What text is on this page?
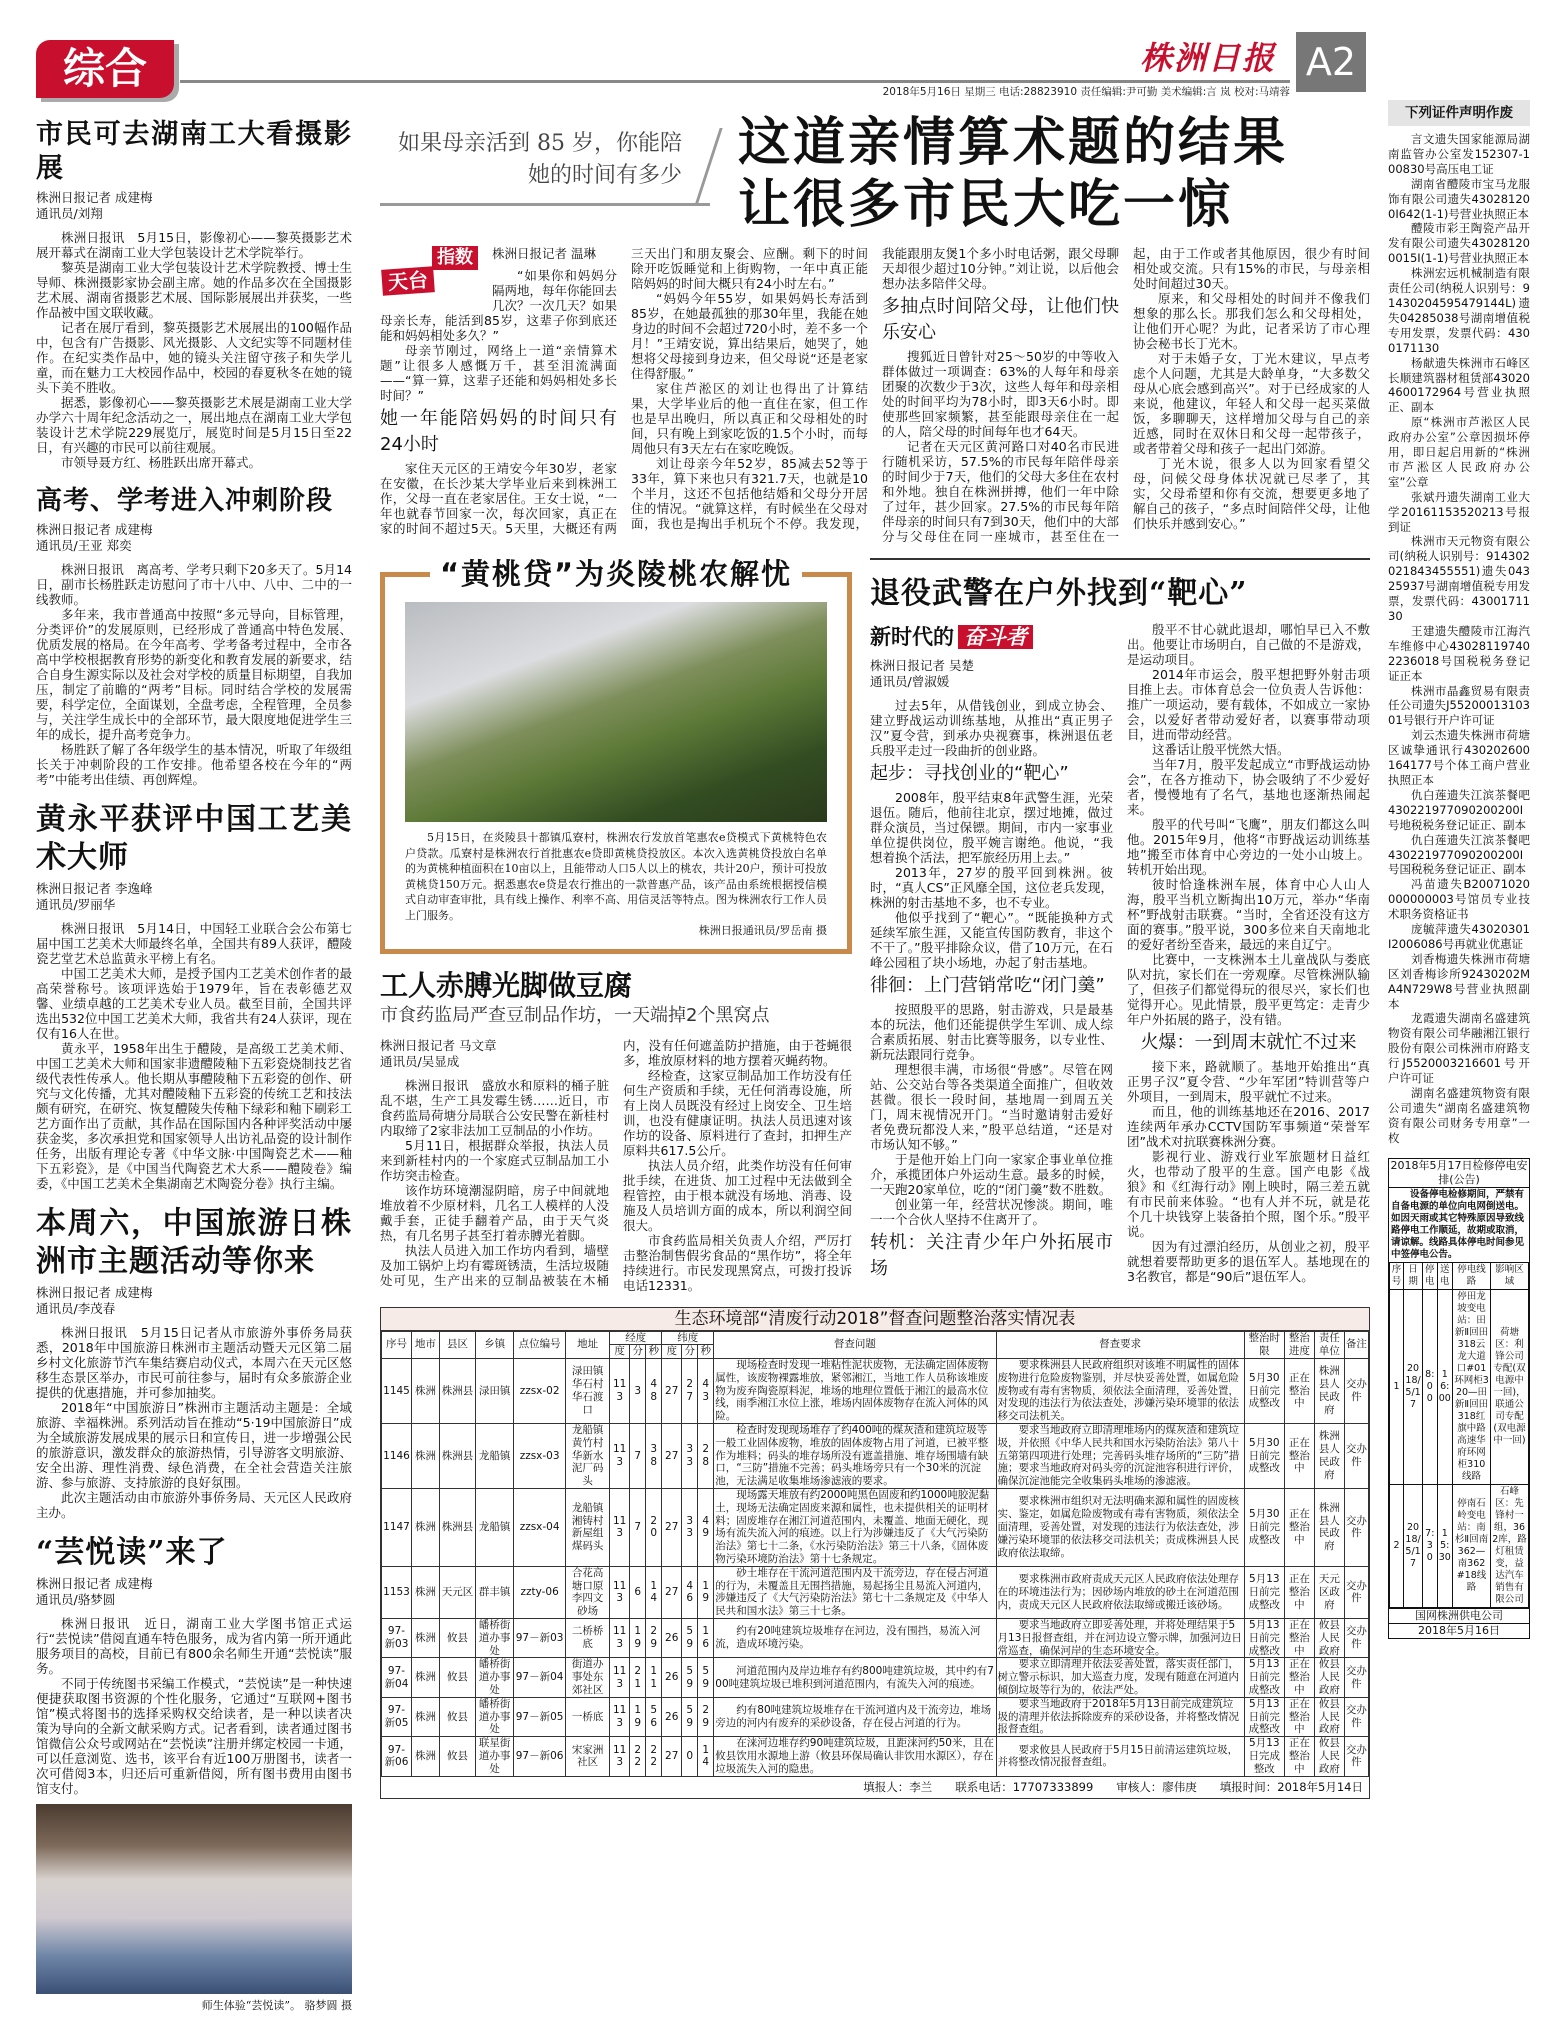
综合	株洲日报 A2
2018年5月16日 星期三 电话:28823910 责任编辑:尹可勤 美术编辑:言 岚 校对:马靖蓉
市民可去湖南工大看摄影展
株洲日报记者 成建梅
通讯员/刘翔

株洲日报讯　5月15日，影像初心——黎英摄影艺术展开幕式在湖南工业大学包装设计艺术学院举行。

黎英是湖南工业大学包装设计艺术学院教授、博士生导师、株洲摄影家协会副主席。她的作品多次在全国摄影艺术展、湖南省摄影艺术展、国际影展展出并获奖，一些作品被中国文联收藏。

记者在展厅看到，黎英摄影艺术展展出的100幅作品中，包含有广告摄影、风光摄影、人文纪实等不同题材佳作。在纪实类作品中，她的镜头关注留守孩子和失学儿童，而在魅力工大校园作品中，校园的春夏秋冬在她的镜头下美不胜收。

据悉，影像初心——黎英摄影艺术展是湖南工业大学办学六十周年纪念活动之一，展出地点在湖南工业大学包装设计艺术学院229展览厅，展览时间是5月15日至22日，有兴趣的市民可以前往观展。

市领导聂方红、杨胜跃出席开幕式。

高考、学考进入冲刺阶段
株洲日报记者 成建梅
通讯员/王亚 郑奕

株洲日报讯　离高考、学考只剩下20多天了。5月14日，副市长杨胜跃走访慰问了市十八中、八中、二中的一线教师。

多年来，我市普通高中按照“多元导向，目标管理，分类评价”的发展原则，已经形成了普通高中特色发展、优质发展的格局。在今年高考、学考备考过程中，全市各高中学校根据教育形势的新变化和教育发展的新要求，结合自身生源实际以及社会对学校的质量目标期望，自我加压，制定了前瞻的“两考”目标。同时结合学校的发展需要，科学定位，全面谋划，全盘考虑，全程管理，全员参与，关注学生成长中的全部环节，最大限度地促进学生三年的成长，提升高考竞争力。

杨胜跃了解了各年级学生的基本情况，听取了年级组长关于冲刺阶段的工作安排。他希望各校在今年的“两考”中能考出佳绩、再创辉煌。

黄永平获评中国工艺美术大师
株洲日报记者 李逸峰
通讯员/罗丽华

株洲日报讯　5月14日，中国轻工业联合会公布第七届中国工艺美术大师最终名单，全国共有89人获评，醴陵瓷艺堂艺术总监黄永平榜上有名。

中国工艺美术大师，是授予国内工艺美术创作者的最高荣誉称号。该项评选始于1979年，旨在表彰德艺双馨、业绩卓越的工艺美术专业人员。截至目前，全国共评选出532位中国工艺美术大师，我省共有24人获评，现在仅有16人在世。

黄永平，1958年出生于醴陵，是高级工艺美术师、中国工艺美术大师和国家非遗醴陵釉下五彩瓷烧制技艺省级代表性传承人。他长期从事醴陵釉下五彩瓷的创作、研究与文化传播，尤其对醴陵釉下五彩瓷的传统工艺和技法颇有研究，在研究、恢复醴陵失传釉下绿彩和釉下刷彩工艺方面作出了贡献，其作品在国际国内各种评奖活动中屡获金奖，多次承担党和国家领导人出访礼品瓷的设计制作任务，出版有理论专著《中华文脉·中国陶瓷艺术——釉下五彩瓷》，是《中国当代陶瓷艺术大系——醴陵卷》编委，《中国工艺美术全集湖南艺术陶瓷分卷》执行主编。

本周六，中国旅游日株洲市主题活动等你来
株洲日报记者 成建梅
通讯员/李茂春

株洲日报讯　5月15日记者从市旅游外事侨务局获悉，2018年中国旅游日株洲市主题活动暨天元区第二届乡村文化旅游节汽车集结赛启动仪式，本周六在天元区悠移生态景区举办，市民可前往参与，届时有众多旅游企业提供的优惠措施，并可参加抽奖。

2018年“中国旅游日”株洲市主题活动主题是：全域旅游、幸福株洲。系列活动旨在推动“5·19中国旅游日”成为全域旅游发展成果的展示日和宣传日，进一步增强公民的旅游意识，激发群众的旅游热情，引导游客文明旅游、安全出游、理性消费、绿色消费，在全社会营造关注旅游、参与旅游、支持旅游的良好氛围。

此次主题活动由市旅游外事侨务局、天元区人民政府主办。

“芸悦读”来了
株洲日报记者 成建梅
通讯员/骆梦圆

株洲日报讯　近日，湖南工业大学图书馆正式运行“芸悦读”借阅直通车特色服务，成为省内第一所开通此服务项目的高校，目前已有800余名师生开通“芸悦读”服务。

不同于传统图书采编工作模式，“芸悦读”是一种快速便捷获取图书资源的个性化服务，它通过“互联网+图书馆”模式将图书的选择采购权交给读者，是一种以读者决策为导向的全新文献采购方式。记者看到，读者通过图书馆微信公众号或网站在“芸悦读”注册并绑定校园一卡通，可以任意浏览、选书，该平台有近100万册图书，读者一次可借阅3本，归还后可重新借阅，所有图书费用由图书馆支付。

师生体验“芸悦读”。 骆梦圆 摄
如果母亲活到 85 岁，你能陪她的时间有多少
这道亲情算术题的结果让很多市民大吃一惊
天台
指数	株洲日报记者 温琳

“如果你和妈妈分隔两地，每年你能回去几次？一次几天？如果母亲长寿，能活到85岁，这辈子你到底还能和妈妈相处多久？”

母亲节刚过，网络上一道“亲情算术题”让很多人感慨万千，甚至泪流满面——“算一算，这辈子还能和妈妈相处多长时间？”

她一年能陪妈妈的时间只有24小时

家住天元区的王靖安今年30岁，老家在安徽，在长沙某大学毕业后来到株洲工作，父母一直在老家居住。王女士说，“一年也就春节回家一次，每次回家，真正在家的时间不超过5天。5天里，大概还有两三天出门和朋友聚会、应酬。剩下的时间除开吃饭睡觉和上街购物，一年中真正能陪妈妈的时间大概只有24小时左右。”

“妈妈今年55岁，如果妈妈长寿活到85岁，在她最孤独的那30年里，我能在她身边的时间不会超过720小时，差不多一个月！”王靖安说，算出结果后，她哭了，她想将父母接到身边来，但父母说“还是老家住得舒服。”

家住芦淞区的刘让也得出了计算结果，大学毕业后的他一直住在家，但工作也是早出晚归，所以真正和父母相处的时间，只有晚上到家吃饭的1.5个小时，而每周他只有3天左右在家吃晚饭。

刘让母亲今年52岁，85减去52等于33年，算下来也只有321.7天，也就是10个半月，这还不包括他结婚和父母分开居住的情况。“就算这样，有时候坐在父母对面，我也是掏出手机玩个不停。我发现，我能跟朋友煲1个多小时电话粥，跟父母聊天却很少超过10分钟。”刘让说，以后他会想办法多陪伴父母。

多抽点时间陪父母，让他们快乐安心

搜狐近日曾针对25～50岁的中等收入群体做过一项调查：63%的人每年和母亲团聚的次数少于3次，这些人每年和母亲相处的时间平均为78小时，即3天6小时。即使那些回家频繁，甚至能跟母亲住在一起的人，陪父母的时间每年也才64天。

记者在天元区黄河路口对40名市民进行随机采访，57.5%的市民每年陪伴母亲的时间少于7天，他们的父母大多住在农村和外地。独自在株洲拼搏，他们一年中除了过年，甚少回家。27.5%的市民每年陪伴母亲的时间只有7到30天，他们中的大部分与父母住在同一座城市，甚至住在一起，由于工作或者其他原因，很少有时间相处或交流。只有15%的市民，与母亲相处时间超过30天。

原来，和父母相处的时间并不像我们想象的那么长。那我们怎么和父母相处，让他们开心呢？为此，记者采访了市心理协会秘书长丁光木。

对于未婚子女，丁光木建议，早点考虑个人问题，尤其是大龄单身，“大多数父母从心底会感到高兴”。对于已经成家的人来说，他建议，年轻人和父母一起买菜做饭，多聊聊天，这样增加父母与自己的亲近感，同时在双休日和父母一起带孩子，或者带着父母和孩子一起出门郊游。

丁光木说，很多人以为回家看望父母，问候父母身体状况就已尽孝了，其实，父母希望和你有交流，想要更多地了解自己的孩子，“多点时间陪伴父母，让他们快乐并感到安心。”

“黄桃贷”为炎陵桃农解忧

5月15日，在炎陵县十都镇瓜寮村，株洲农行发放首笔惠农e贷模式下黄桃特色农户贷款。瓜寮村是株洲农行首批惠农e贷即黄桃贷投放区。本次入选黄桃贷投放白名单的为黄桃种植面积在10亩以上，且能带动人口5人以上的桃农，共计20户，预计可投放黄桃贷150万元。据悉惠农e贷是农行推出的一款普惠产品，该产品由系统根据授信模式自动审查审批，具有线上操作、利率不高、用信灵活等特点。图为株洲农行工作人员上门服务。

株洲日报通讯员/罗岳南 摄

工人赤膊光脚做豆腐
市食药监局严查豆制品作坊，一天端掉2个黑窝点
株洲日报记者 马文章
通讯员/吴显成

株洲日报讯　盛放水和原料的桶子脏乱不堪，生产工具发霉生锈……近日，市食药监局荷塘分局联合公安民警在新桂村内取缔了2家非法加工豆制品的小作坊。

5月11日，根据群众举报，执法人员来到新桂村内的一个家庭式豆制品加工小作坊突击检查。

该作坊环境潮湿阴暗，房子中间就地堆放着不少原材料，几名工人模样的人没戴手套，正徒手翻着产品，由于天气炎热，有几名男子甚至打着赤膊光着脚。

执法人员进入加工作坊内看到，墙壁及加工锅炉上均有霉斑锈渍，生活垃圾随处可见，生产出来的豆制品被装在木桶内，没有任何遮盖防护措施，由于苍蝇很多，堆放原材料的地方摆着灭蝇药物。

经检查，这家豆制品加工作坊没有任何生产资质和手续，无任何消毒设施，所有上岗人员既没有经过上岗安全、卫生培训，也没有健康证明。执法人员迅速对该作坊的设备、原料进行了查封，扣押生产原料共617.5公斤。

执法人员介绍，此类作坊没有任何审批手续，在进货、加工过程中无法做到全程管控，由于根本就没有场地、消毒、设施及人员培训方面的成本，所以利润空间很大。

市食药监局相关负责人介绍，严厉打击整治制售假劣食品的“黑作坊”，将全年持续进行。市民发现黑窝点，可拨打投诉电话12331。

退役武警在户外找到“靶心”
新时代的 奋斗者
株洲日报记者 吴楚
通讯员/曾淑媛

过去5年，从借钱创业，到成立协会、建立野战运动训练基地，从推出“真正男子汉”夏令营，到承办央视赛事，株洲退伍老兵殷平走过一段曲折的创业路。

起步：寻找创业的“靶心”

2008年，殷平结束8年武警生涯，光荣退伍。随后，他前往北京，摆过地摊，做过群众演员，当过保镖。期间，市内一家事业单位提供岗位，殷平婉言谢绝。他说，“我想着换个活法，把军旅经历用上去。”

2013年，27岁的殷平回到株洲。彼时，“真人CS”正风靡全国，这位老兵发现，株洲的射击基地不多，也不专业。

他似乎找到了“靶心”。“既能换种方式延续军旅生涯，又能宣传国防教育，非这个不干了。”殷平排除众议，借了10万元，在石峰公园租了块小场地，办起了射击基地。

徘徊：上门营销常吃“闭门羹”

按照殷平的思路，射击游戏，只是最基本的玩法，他们还能提供学生军训、成人综合素质拓展、射击比赛等服务，以专业性、新玩法跟同行竞争。

理想很丰满，市场很“骨感”。尽管在网站、公交站台等各类渠道全面推广，但收效甚微。很长一段时间，基地周一到周五关门，周末视情况开门。“当时邀请射击爱好者免费玩都没人来，”殷平总结道，“还是对市场认知不够。”

于是他开始上门向一家家企事业单位推介，承揽团体户外运动生意。最多的时候，一天跑20家单位，吃的“闭门羹”数不胜数。

创业第一年，经营状况惨淡。期间，唯一一个合伙人坚持不住离开了。

转机：关注青少年户外拓展市场

殷平不甘心就此退却，哪怕早已入不敷出。他要让市场明白，自己做的不是游戏，是运动项目。

2014年市运会，殷平想把野外射击项目推上去。市体育总会一位负责人告诉他：推广一项运动，要有载体，不如成立一家协会，以爱好者带动爱好者，以赛事带动项目，进而带动经营。

这番话让殷平恍然大悟。

当年7月，殷平发起成立“市野战运动协会”，在各方推动下，协会吸纳了不少爱好者，慢慢地有了名气，基地也逐渐热闹起来。

殷平的代号叫“飞鹰”，朋友们都这么叫他。2015年9月，他将“市野战运动训练基地”搬至市体育中心旁边的一处小山坡上。转机开始出现。

彼时恰逢株洲车展，体育中心人山人海，殷平当机立断掏出10万元，举办“华南杯”野战射击联赛。“当时，全省还没有这方面的赛事。”殷平说，300多位来自天南地北的爱好者纷至沓来，最远的来自辽宁。

比赛中，一支株洲本土儿童战队与娄底队对抗，家长们在一旁观摩。尽管株洲队输了，但孩子们都觉得玩的很尽兴，家长们也觉得开心。见此情景，殷平更笃定：走青少年户外拓展的路子，没有错。

火爆：一到周末就忙不过来

接下来，路就顺了。基地开始推出“真正男子汉”夏令营、“少年军团”特训营等户外项目，一到周末，殷平就忙不过来。

而且，他的训练基地还在2016、2017连续两年承办CCTV国防军事频道“荣誉军团”战术对抗联赛株洲分赛。

影视行业、游戏行业军旅题材日益红火，也带动了殷平的生意。国产电影《战狼》和《红海行动》刚上映时，隔三差五就有市民前来体验。“也有人并不玩，就是花个几十块钱穿上装备拍个照，图个乐。”殷平说。

因为有过漂泊经历，从创业之初，殷平就想着要帮助更多的退伍军人。基地现在的3名教官，都是“90后”退伍军人。

生态环境部“清废行动2018”督查问题整治落实情况表
序号	地市	县区	乡镇	点位编号	地址	经度			纬度			督查问题	督查要求	整治时限	整治进度	责任单位	备注
						度	分	秒	度	分	秒						
1145	株洲	株洲县	渌田镇	zzsx-02	渌田镇华石村华石渡口	113	3	48	27	27	43	现场检查时发现一堆粘性泥状废物，无法确定固体废物属性，该废物裸露堆放，紧邻湘江，当地工作人员称该堆废物为废弃陶瓷原料泥，堆场的地理位置低于湘江的最高水位线，雨季湘江水位上涨，堆场内固体废物存在流入河体的风险。	要求株洲县人民政府组织对该堆不明属性的固体废物进行危险废物鉴别，并尽快妥善处置，如属危险废物或有毒有害物质，须依法全面清理，妥善处置，对发现的违法行为依法查处，涉嫌污染环境罪的依法移交司法机关。	5月30日前完成整改	正在整治中	株洲县人民政府	交办件
1146	株洲	株洲县	龙船镇	zzsx-03	龙船镇黄竹村华新水泥厂码头	113	7	38	27	33	28	检查时发现现场堆存了约400吨的煤灰渣和建筑垃圾等一般工业固体废物，堆放的固体废物占用了河道，已被平整作为堆料；码头的堆存场所没有遮盖措施、堆存场围墙有缺口，“三防”措施不完善；码头堆场旁只有一个30米的沉淀池，无法满足收集堆场渗滤液的要求。	要求当地政府立即清理堆场内的煤灰渣和建筑垃圾，并依照《中华人民共和国水污染防治法》第八十五第第四项进行处理；完善码头堆存场所的“三防”措施；要求当地政府对码头旁的沉淀池容积进行评价，确保沉淀池能完全收集码头堆场的渗滤液。	5月30日前完成整改	正在整治中	株洲县人民政府	交办件
1147	株洲	株洲县	龙船镇	zzsx-04	龙船镇湘铸村新屋组煤码头	113	7	20	27	33	49	现场露天堆放有约2000吨黑色固废和约1000吨胶泥黏土，现场无法确定固废来源和属性，也未提供相关的证明材料；固废堆存在湘江河道范围内，未覆盖、地面无硬化，现场有流失流入河的痕迹。以上行为涉嫌违反了《大气污染防治法》第七十二条，《水污染防治法》第三十八条，《固体废物污染环境防治法》第十七条规定。	要求株洲市组织对无法明确来源和属性的固废核实、鉴定，如属危险废物或有毒有害物质，须依法全面清理，妥善处置，对发现的违法行为依法查处，涉嫌污染环境罪的依法移交司法机关；责成株洲县人民政府依法取缔。	5月30日前完成整改	正在整治中	株洲县人民政府	交办件
1153	株洲	天元区	群丰镇	zzty-06	合花高塘口原李四文砂场	113	6	14	27	46	19	砂土堆存在干流河道范围内及干流旁边，存在侵占河道的行为，未覆盖且无围挡措施，易起扬尘且易流入河道内，涉嫌违反了《大气污染防治法》第七十二条规定及《中华人民共和国水法》第三十七条。	要求株洲市政府责成天元区人民政府依法处理存在的环境违法行为；因砂场内堆放的砂土在河道范围内，责成天元区人民政府依法取缔或搬迁该砂场。	5月13日前完成整改	正在整治中	天元区政府	交办件
97-新03	株洲	攸县	皤桥街道办事处	97－新03	二桥桥底	113	19	29	26	59	16	约有20吨建筑垃圾堆存在河边，没有围挡，易流入河流，造成环境污染。	要求当地政府立即妥善处理，并将处理结果于5月13日报督查组，并在河边设立警示牌，加强河边日常巡查，确保河岸的生态环境安全。	5月13日前完成整改	正在整治中	攸县人民政府	交办件
97-新04	株洲	攸县	皤桥街道办事处	97－新04	街道办事处东郊社区	113	21	11	26	59	59	河道范围内及岸边堆存有约800吨建筑垃圾，其中约有700吨建筑垃圾已堆积到河道范围内，有流失入河的痕迹。	要求立即清理并依法妥善处置，落实责任部门，树立警示标识，加大巡查力度，发现有随意在河道内倾倒垃圾等行为的，依法严处。	5月13日前完成整改	正在整治中	攸县人民政府	交办件
97-新05	株洲	攸县	皤桥街道办事处	97－新05	一桥底	113	19	56	26	59	29	约有80吨建筑垃圾堆存在干流河道内及干流旁边，堆场旁边的河内有废弃的采砂设备，存在侵占河道的行为。	要求当地政府于2018年5月13日前完成建筑垃圾的清理并依法拆除废弃的采砂设备，并将整改情况报督查组。	5月13日前完成整改	正在整治中	攸县人民政府	交办件
97-新06	株洲	攸县	联星街道办事处	97－新06	宋家洲社区	113	22	22	27	0	14	在涞河边堆存约90吨建筑垃圾，且距涞河约50米，且在攸县饮用水源地上游（攸县环保局确认非饮用水源区），存在垃圾流失入河的隐患。	要求攸县人民政府于5月15日前清运建筑垃圾，并将整改情况报督查组。	5月13日完成整改	正在整治中	攸县人民政府	交办件
填报人：李兰　　联系电话：17707333899　　审核人：廖伟庚　　填报时间：2018年5月14日
下列证件声明作废

言文遗失国家能源局湖南监管办公室发152307-100830号高压电工证

湖南省醴陵市宝马龙服饰有限公司遗失430281200I642(1-1)号营业执照正本

醴陵市彩王陶瓷产品开发有限公司遗失430281200015I(1-1)号营业执照正本

株洲宏远机械制造有限责任公司(纳税人识别号：91430204595479144L)遗失04285038号湖南增值税专用发票，发票代码：4300171130

杨献遗失株洲市石峰区长顺建筑器材租赁部430204600172964号营业执照正、副本

原“株洲市芦淞区人民政府办公室”公章因损坏停用，即日起启用新的“株洲市芦淞区人民政府办公室”公章

张斌丹遗失湖南工业大学20161153520213号报到证

株洲市天元物资有限公司(纳税人识别号：914302021843455551)遗失04325937号湖南增值税专用发票，发票代码：4300171130

王建遗失醴陵市江海汽车维修中心430281197402236018号国税税务登记证正本

株洲市晶鑫贸易有限责任公司遗失J5520001310301号银行开户许可证

刘云杰遗失株洲市荷塘区诚挚通讯行430202600164177号个体工商户营业执照正本

仇白莲遗失江滨茶餐吧430221977090200200I号地税税务登记证正、副本

仇白莲遗失江滨茶餐吧430221977090200200I号国税税务登记证正、副本

冯苗遗失B20071020000000003号馆员专业技术职务资格证书

庞毓萍遗失43020301I2006086号再就业优惠证

刘香梅遗失株洲市荷塘区刘香梅诊所92430202MA4N729W8号营业执照副本

龙霞遗失湖南名盛建筑物资有限公司华融湘江银行股份有限公司株洲市府路支行J5520003216601号开户许可证

湖南名盛建筑物资有限公司遗失“湖南名盛建筑物资有限公司财务专用章”一枚

2018年5月17日检修停电安排(公告)

设备停电检修期间，严禁有自备电源的单位向电网倒送电。如因天雨或其它特殊原因导致线路停电工作顺延，故期或取消，请谅解。线路具体停电时间参见中签停电公告。

序号	日期	停电	送电	停电线路	影响区域
1	2018/5/17	8:00	16:00	停田龙坡变电站：田新Ⅱ回田318云龙大道口#01环网柜320—田新Ⅱ回田318红旗中路高速华府环网柜310线路	荷塘区：利锋公司专配(双电源中一回)，联通公司专配(双电源中一回)
2	2018/5/17	7:30	15:30	停南石岭变电站：南杉Ⅱ回南362—南362#18线路	石峰区：先锋村一组，362库，路灯租赁变，益达汽车销售有限公司
国网株洲供电公司
2018年5月16日
